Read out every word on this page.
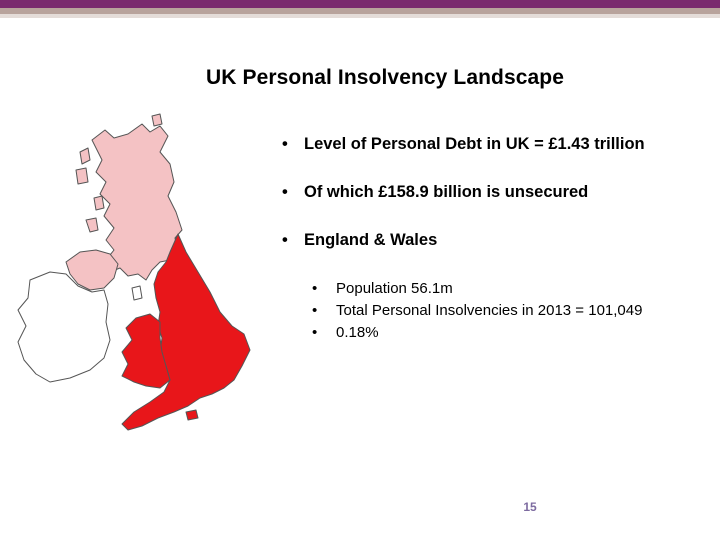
UK Personal Insolvency Landscape
• Level of Personal Debt in UK = £1.43 trillion
• Of which £158.9 billion is unsecured
• England & Wales
• Population 56.1m
• Total Personal Insolvencies in 2013 = 101,049
• 0.18%
15
